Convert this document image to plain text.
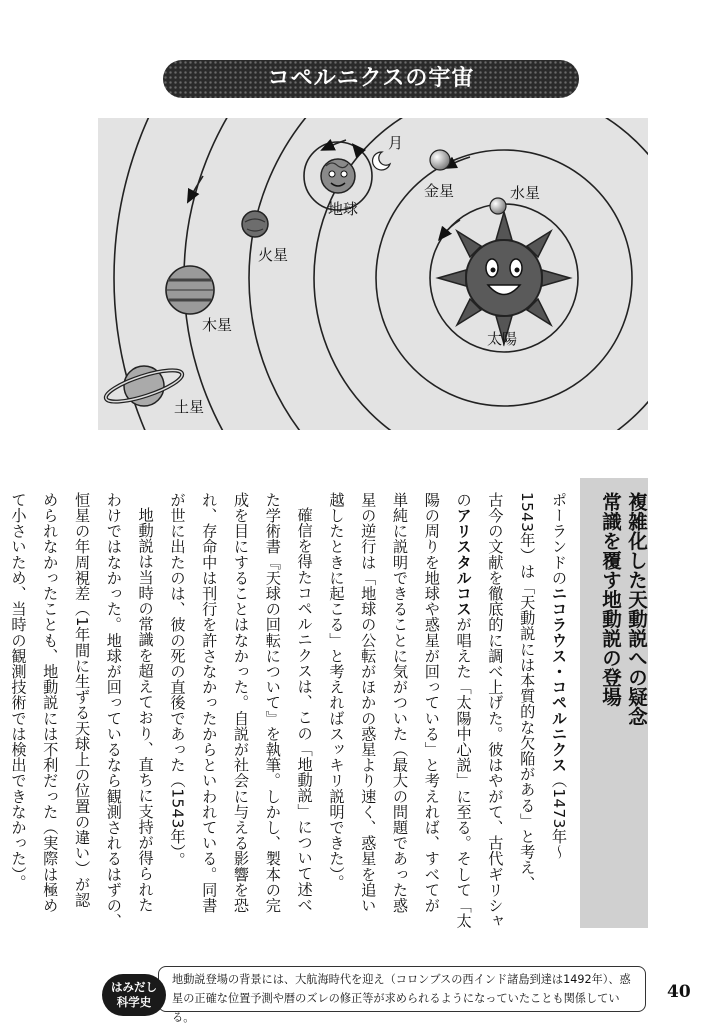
コペルニクスの宇宙
月
地球
金星	水星
火星
木星
土星
太陽
複雑化した天動説への疑念
常識を覆す地動説の登場
ポーランドのニコラウス・コペルニクス（1473年〜
1543年）は「天動説には本質的な欠陥がある」と考え、
古今の文献を徹底的に調べ上げた。彼はやがて、古代ギリシャ
のアリスタルコスが唱えた「太陽中心説」に至る。そして「太
陽の周りを地球や惑星が回っている」と考えれば、すべてが
単純に説明できることに気がついた（最大の問題であった惑
星の逆行は「地球の公転がほかの惑星より速く、惑星を追い
越したときに起こる」と考えればスッキリ説明できた）。
確信を得たコペルニクスは、この「地動説」について述べ
た学術書『天球の回転について』を執筆。しかし、製本の完
成を目にすることはなかった。自説が社会に与える影響を恐
れ、存命中は刊行を許さなかったからといわれている。同書
が世に出たのは、彼の死の直後であった（1543年）。
地動説は当時の常識を超えており、直ちに支持が得られた
わけではなかった。地球が回っているなら観測されるはずの、
恒星の年周視差（1年間に生ずる天球上の位置の違い）が認
められなかったことも、地動説には不利だった（実際は極め
て小さいため、当時の観測技術では検出できなかった）。
はみだし
科学史
地動説登場の背景には、大航海時代を迎え（コロンブスの西インド諸島到達は1492年）、惑
星の正確な位置予測や暦のズレの修正等が求められるようになっていたことも関係している。
40
